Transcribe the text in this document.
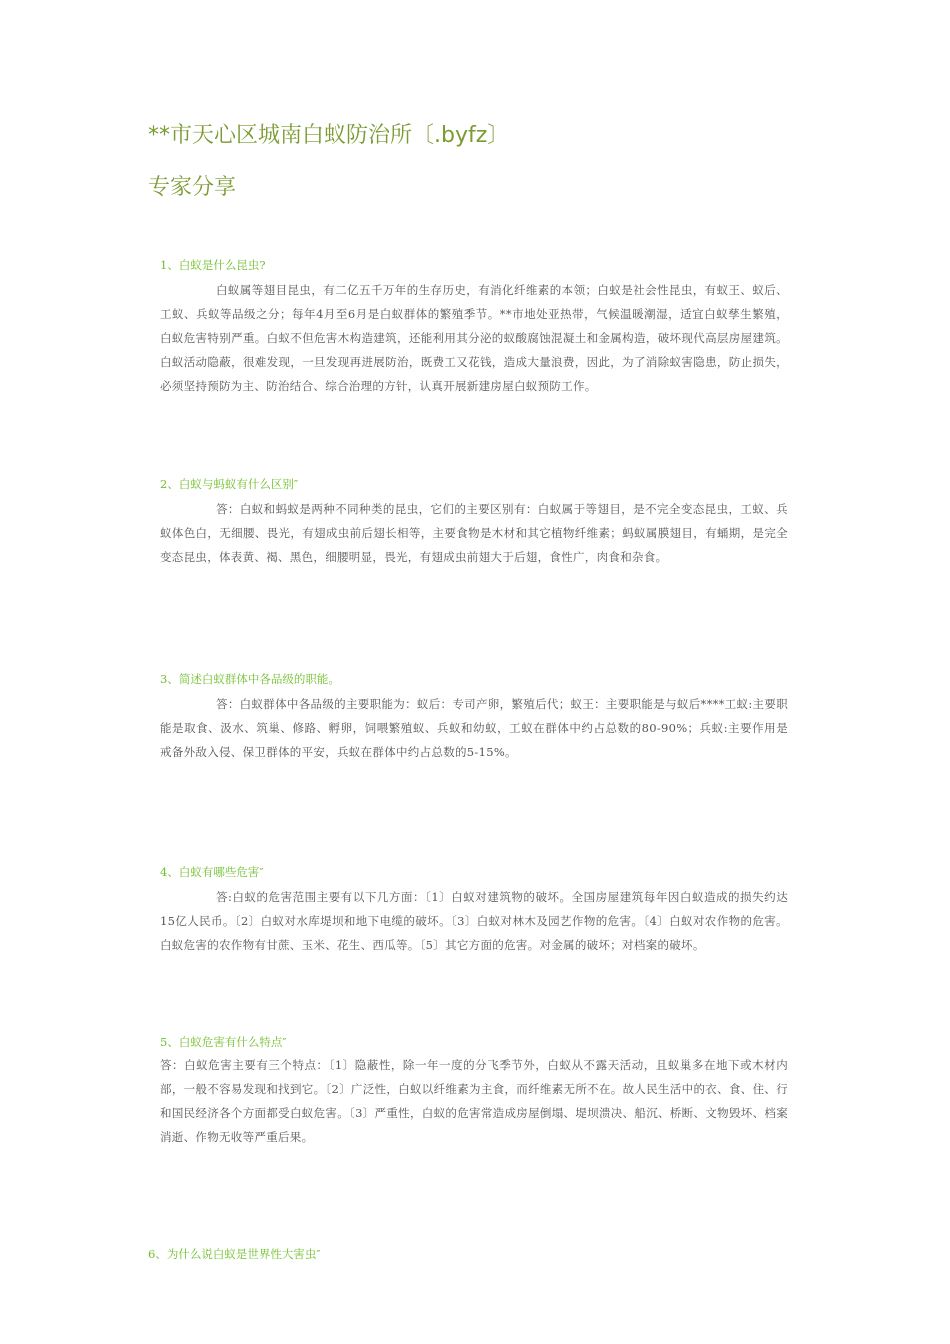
**市天心区城南白蚁防治所〔.byfz〕
专家分享

1、白蚁是什么昆虫?

白蚁属等翅目昆虫，有二亿五千万年的生存历史，有消化纤维素的本领；白蚁是社会性昆虫，有蚁王、蚁后、工蚁、兵蚁等品级之分；每年4月至6月是白蚁群体的繁殖季节。**市地处亚热带，气候温暖潮湿，适宜白蚁孳生繁殖，白蚁危害特别严重。白蚁不但危害木构造建筑，还能利用其分泌的蚁酸腐蚀混凝土和金属构造，破坏现代高层房屋建筑。白蚁活动隐蔽，很难发现，一旦发现再进展防治，既费工又花钱，造成大量浪费，因此，为了消除蚁害隐患，防止损失，必须坚持预防为主、防治结合、综合治理的方针，认真开展新建房屋白蚁预防工作。

2、白蚁与蚂蚁有什么区别″

答：白蚁和蚂蚁是两种不同种类的昆虫，它们的主要区别有：白蚁属于等翅目，是不完全变态昆虫，工蚁、兵蚁体色白，无细腰、畏光，有翅成虫前后翅长相等，主要食物是木材和其它植物纤维素；蚂蚁属膜翅目，有蛹期，是完全变态昆虫，体表黄、褐、黑色，细腰明显，畏光，有翅成虫前翅大于后翅，食性广，肉食和杂食。

3、简述白蚁群体中各品级的职能。

答：白蚁群体中各品级的主要职能为：蚁后：专司产卵，繁殖后代；蚁王：主要职能是与蚁后****工蚁:主要职能是取食、汲水、筑巢、修路、孵卵，饲喂繁殖蚁、兵蚁和幼蚁，工蚁在群体中约占总数的80-90%；兵蚁:主要作用是戒备外敌入侵、保卫群体的平安，兵蚁在群体中约占总数的5-15%。

4、白蚁有哪些危害″

答:白蚁的危害范围主要有以下几方面：〔1〕白蚁对建筑物的破坏。全国房屋建筑每年因白蚁造成的损失约达15亿人民币。〔2〕白蚁对水库堤坝和地下电缆的破坏。〔3〕白蚁对林木及园艺作物的危害。〔4〕白蚁对农作物的危害。白蚁危害的农作物有甘蔗、玉米、花生、西瓜等。〔5〕其它方面的危害。对金属的破坏；对档案的破坏。

5、白蚁危害有什么特点″

答：白蚁危害主要有三个特点：〔1〕隐蔽性，除一年一度的分飞季节外，白蚁从不露天活动，且蚁巢多在地下或木材内部，一般不容易发现和找到它。〔2〕广泛性，白蚁以纤维素为主食，而纤维素无所不在。故人民生活中的衣、食、住、行和国民经济各个方面都受白蚁危害。〔3〕严重性，白蚁的危害常造成房屋倒塌、堤坝溃决、船沉、桥断、文物毁坏、档案消逝、作物无收等严重后果。

6、为什么说白蚁是世界性大害虫″
